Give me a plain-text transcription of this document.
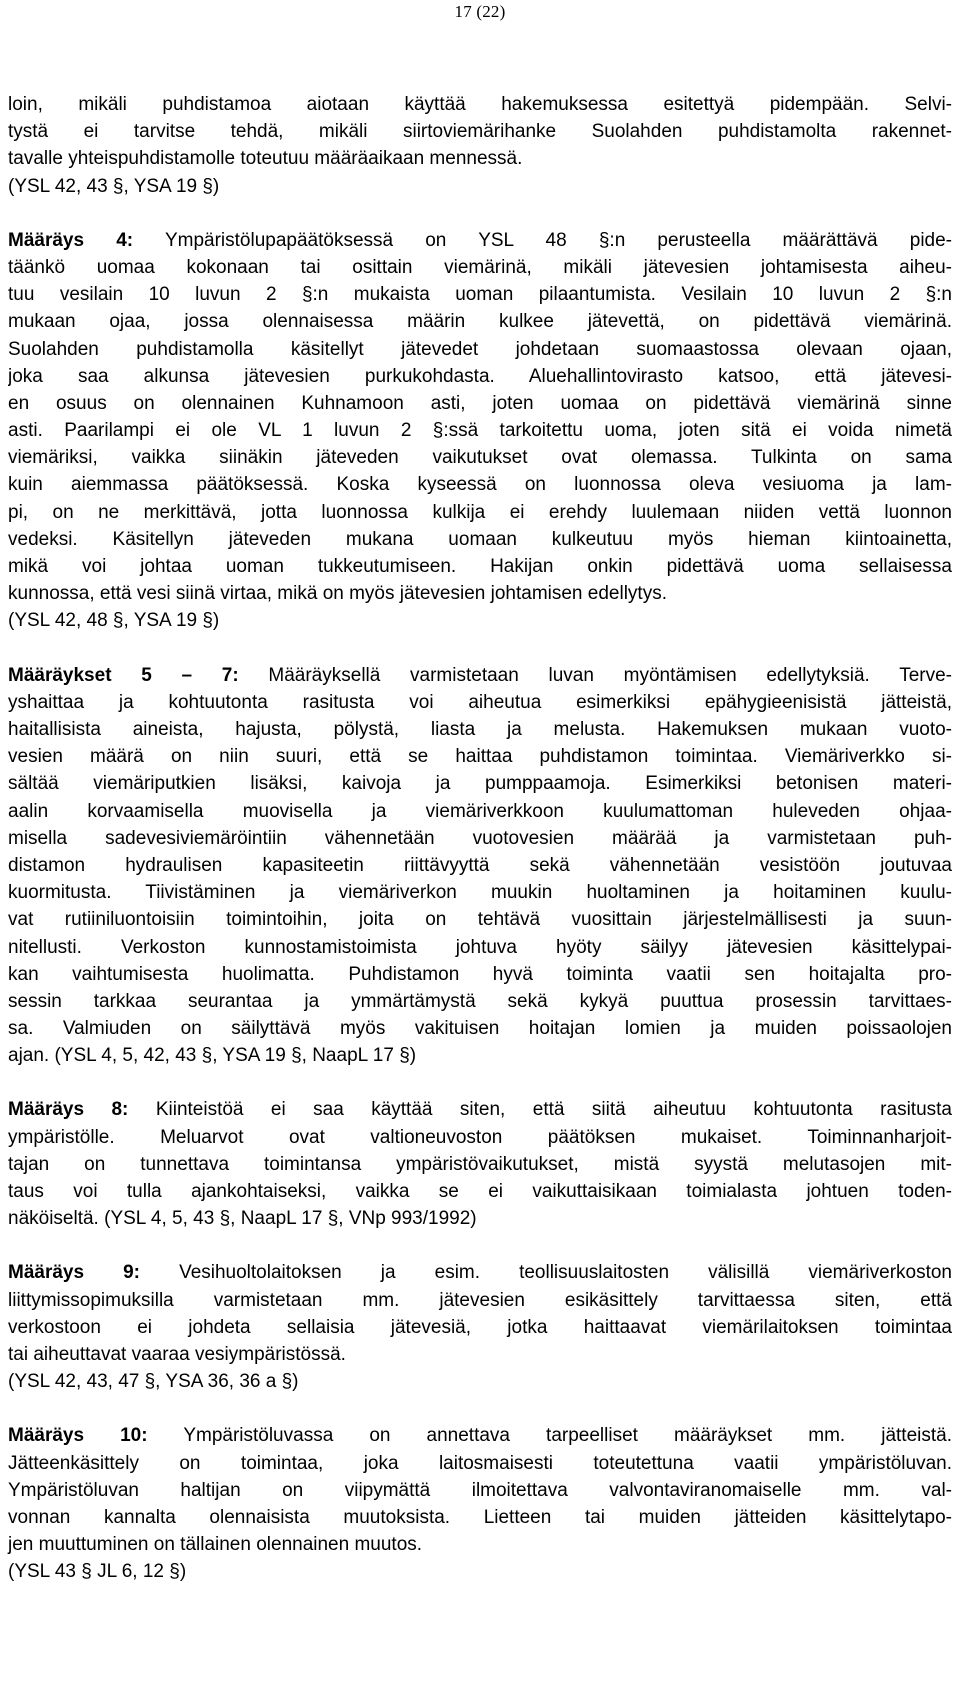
17 (22)

loin, mikäli puhdistamoa aiotaan käyttää hakemuksessa esitettyä pidempään. Selvi-
tystä ei tarvitse tehdä, mikäli siirtoviemärihanke Suolahden puhdistamolta rakennet-
tavalle yhteispuhdistamolle toteutuu määräaikaan mennessä.
(YSL 42, 43 §, YSA 19 §)

Määräys 4: Ympäristölupapäätöksessä on YSL 48 §:n perusteella määrättävä pide-
täänkö uomaa kokonaan tai osittain viemärinä, mikäli jätevesien johtamisesta aiheu-
tuu vesilain 10 luvun 2 §:n mukaista uoman pilaantumista. Vesilain 10 luvun 2 §:n
mukaan ojaa, jossa olennaisessa määrin kulkee jätevettä, on pidettävä viemärinä.
Suolahden puhdistamolla käsitellyt jätevedet johdetaan suomaastossa olevaan ojaan,
joka saa alkunsa jätevesien purkukohdasta. Aluehallintovirasto katsoo, että jätevesi-
en osuus on olennainen Kuhnamoon asti, joten uomaa on pidettävä viemärinä sinne
asti. Paarilampi ei ole VL 1 luvun 2 §:ssä tarkoitettu uoma, joten sitä ei voida nimetä
viemäriksi, vaikka siinäkin jäteveden vaikutukset ovat olemassa. Tulkinta on sama
kuin aiemmassa päätöksessä. Koska kyseessä on luonnossa oleva vesiuoma ja lam-
pi, on ne merkittävä, jotta luonnossa kulkija ei erehdy luulemaan niiden vettä luonnon
vedeksi. Käsitellyn jäteveden mukana uomaan kulkeutuu myös hieman kiintoainetta,
mikä voi johtaa uoman tukkeutumiseen. Hakijan onkin pidettävä uoma sellaisessa
kunnossa, että vesi siinä virtaa, mikä on myös jätevesien johtamisen edellytys.
(YSL 42, 48 §, YSA 19 §)

Määräykset 5 – 7: Määräyksellä varmistetaan luvan myöntämisen edellytyksiä. Terve-
yshaittaa ja kohtuutonta rasitusta voi aiheutua esimerkiksi epähygieenisistä jätteistä,
haitallisista aineista, hajusta, pölystä, liasta ja melusta. Hakemuksen mukaan vuoto-
vesien määrä on niin suuri, että se haittaa puhdistamon toimintaa. Viemäriverkko si-
sältää viemäriputkien lisäksi, kaivoja ja pumppaamoja. Esimerkiksi betonisen materi-
aalin korvaamisella muovisella ja viemäriverkkoon kuulumattoman huleveden ohjaa-
misella sadevesiviemäröintiin vähennetään vuotovesien määrää ja varmistetaan puh-
distamon hydraulisen kapasiteetin riittävyyttä sekä vähennetään vesistöön joutuvaa
kuormitusta. Tiivistäminen ja viemäriverkon muukin huoltaminen ja hoitaminen kuulu-
vat rutiiniluontoisiin toimintoihin, joita on tehtävä vuosittain järjestelmällisesti ja suun-
nitellusti. Verkoston kunnostamistoimista johtuva hyöty säilyy jätevesien käsittelypai-
kan vaihtumisesta huolimatta. Puhdistamon hyvä toiminta vaatii sen hoitajalta pro-
sessin tarkkaa seurantaa ja ymmärtämystä sekä kykyä puuttua prosessin tarvittaes-
sa. Valmiuden on säilyttävä myös vakituisen hoitajan lomien ja muiden poissaolojen
ajan. (YSL 4, 5, 42, 43 §, YSA 19 §, NaapL 17 §)

Määräys 8: Kiinteistöä ei saa käyttää siten, että siitä aiheutuu kohtuutonta rasitusta
ympäristölle. Meluarvot ovat valtioneuvoston päätöksen mukaiset. Toiminnanharjoit-
tajan on tunnettava toimintansa ympäristövaikutukset, mistä syystä melutasojen mit-
taus voi tulla ajankohtaiseksi, vaikka se ei vaikuttaisikaan toimialasta johtuen toden-
näköiseltä. (YSL 4, 5, 43 §, NaapL 17 §, VNp 993/1992)

Määräys 9: Vesihuoltolaitoksen ja esim. teollisuuslaitosten välisillä viemäriverkoston
liittymissopimuksilla varmistetaan mm. jätevesien esikäsittely tarvittaessa siten, että
verkostoon ei johdeta sellaisia jätevesiä, jotka haittaavat viemärilaitoksen toimintaa
tai aiheuttavat vaaraa vesiympäristössä.
(YSL 42, 43, 47 §, YSA 36, 36 a §)

Määräys 10: Ympäristöluvassa on annettava tarpeelliset määräykset mm. jätteistä.
Jätteenkäsittely on toimintaa, joka laitosmaisesti toteutettuna vaatii ympäristöluvan.
Ympäristöluvan haltijan on viipymättä ilmoitettava valvontaviranomaiselle mm. val-
vonnan kannalta olennaisista muutoksista. Lietteen tai muiden jätteiden käsittelytapo-
jen muuttuminen on tällainen olennainen muutos.
(YSL 43 § JL 6, 12 §)
